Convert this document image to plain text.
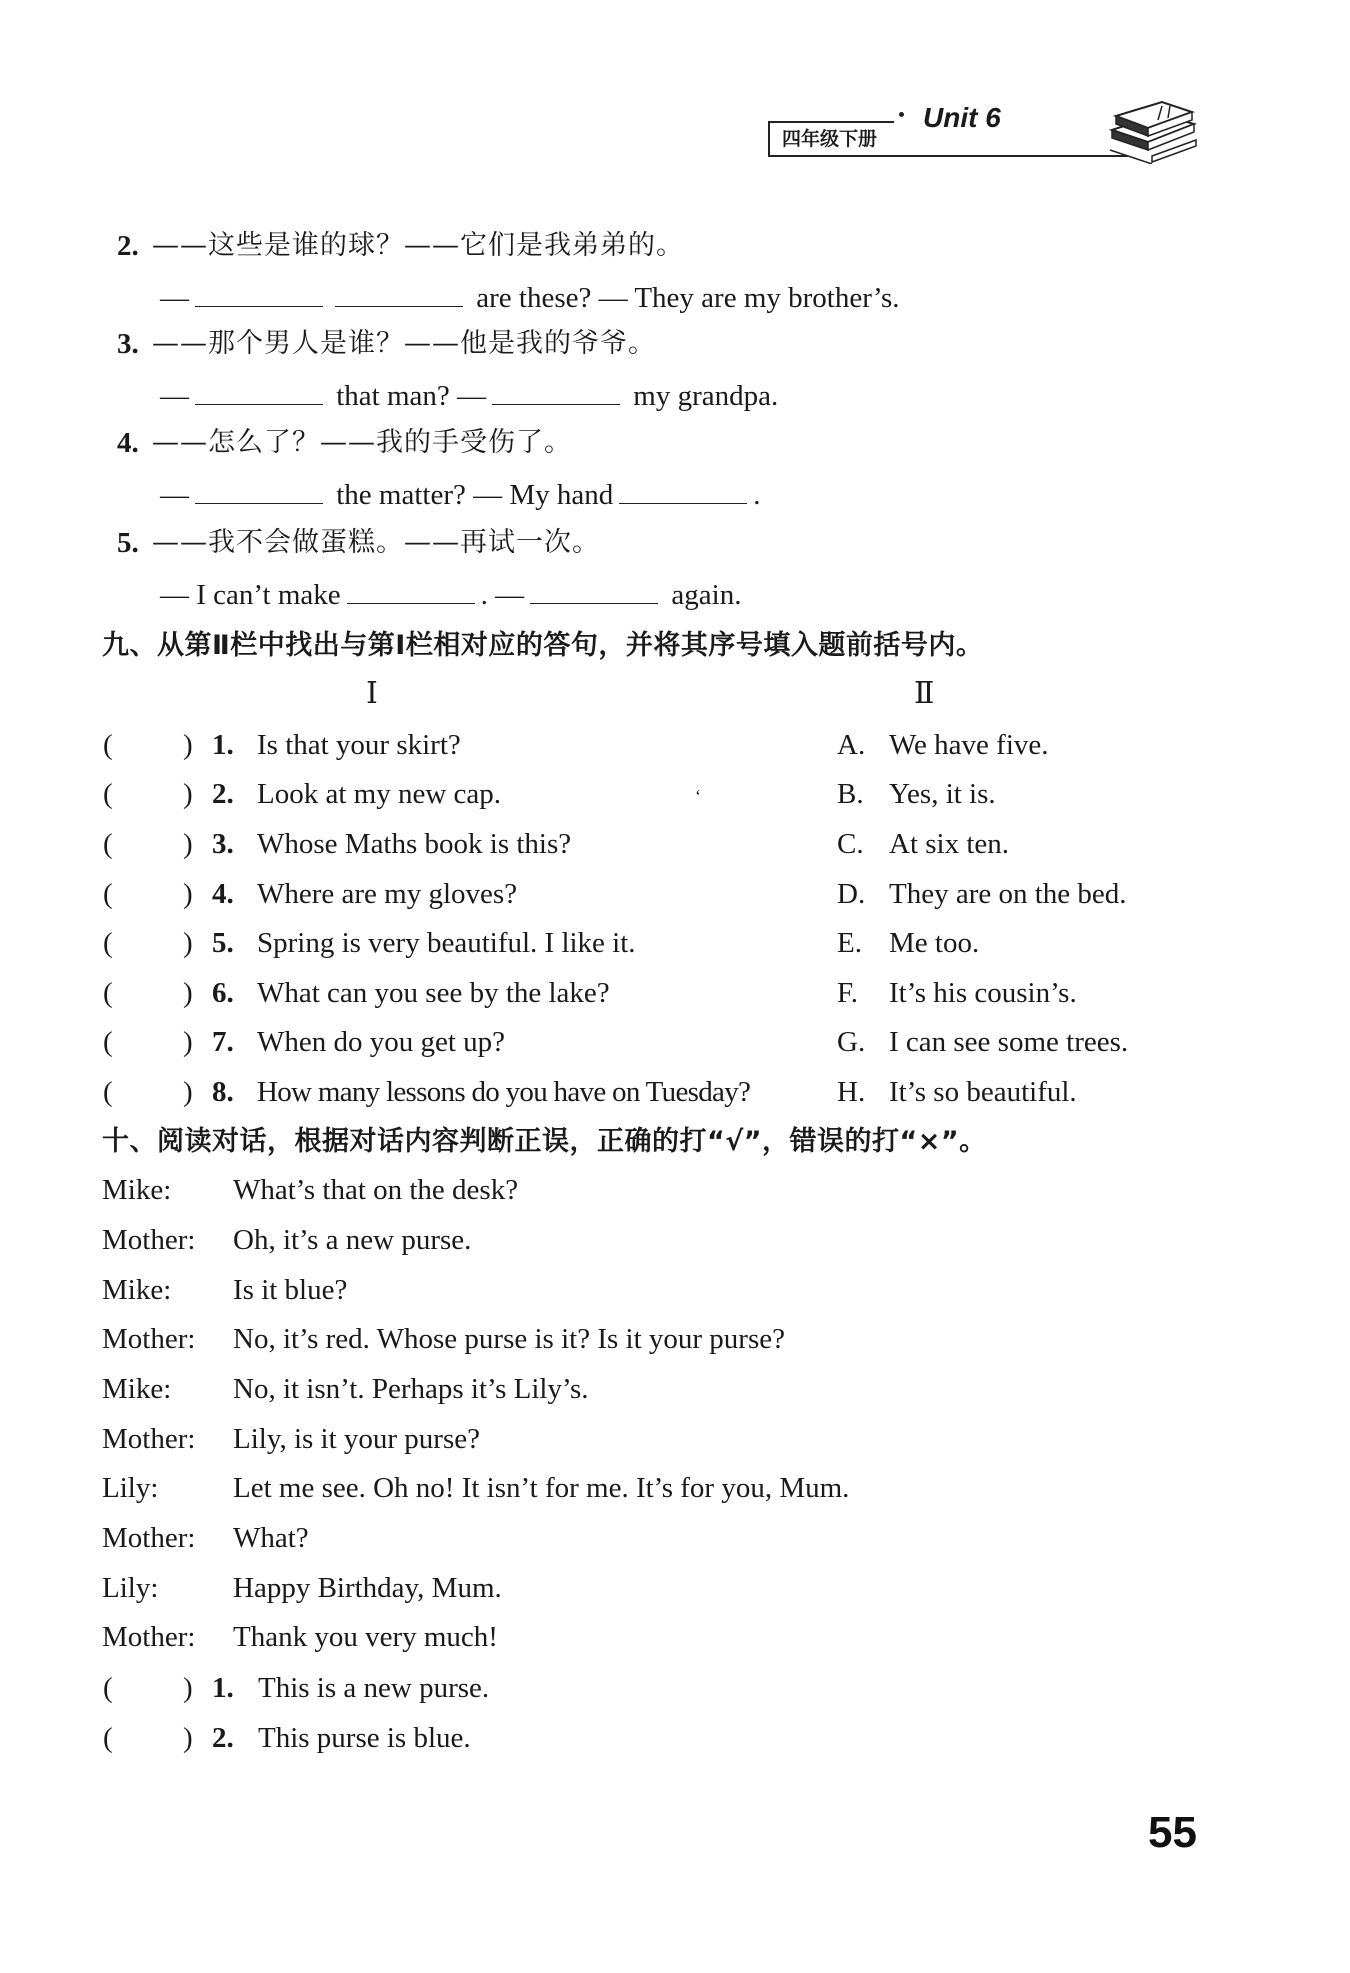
四年级下册
Unit 6
2. ——这些是谁的球？——它们是我弟弟的。
—	are these? — They are my brother’s.
3. ——那个男人是谁？——他是我的爷爷。
—	that man? —	my grandpa.
4. ——怎么了？——我的手受伤了。
—	the matter? — My hand	.
5. ——我不会做蛋糕。——再试一次。
— I can’t make	. —	again.
九、从第Ⅱ栏中找出与第Ⅰ栏相对应的答句，并将其序号填入题前括号内。
Ⅰ	Ⅱ
‘
( ) 1. Is that your skirt?	A. We have five.
( ) 2. Look at my new cap.	B. Yes, it is.
( ) 3. Whose Maths book is this?	C. At six ten.
( ) 4. Where are my gloves?	D. They are on the bed.
( ) 5. Spring is very beautiful. I like it.	E. Me too.
( ) 6. What can you see by the lake?	F. It’s his cousin’s.
( ) 7. When do you get up?	G. I can see some trees.
( ) 8. How many lessons do you have on Tuesday?	H. It’s so beautiful.
十、阅读对话，根据对话内容判断正误，正确的打“√”，错误的打“×”。
Mike: What’s that on the desk?
Mother: Oh, it’s a new purse.
Mike: Is it blue?
Mother: No, it’s red. Whose purse is it? Is it your purse?
Mike: No, it isn’t. Perhaps it’s Lily’s.
Mother: Lily, is it your purse?
Lily:	Let me see. Oh no! It isn’t for me. It’s for you, Mum.
Mother: What?
Lily:	Happy Birthday, Mum.
Mother: Thank you very much!
( ) 1. This is a new purse.
( ) 2. This purse is blue.
55
